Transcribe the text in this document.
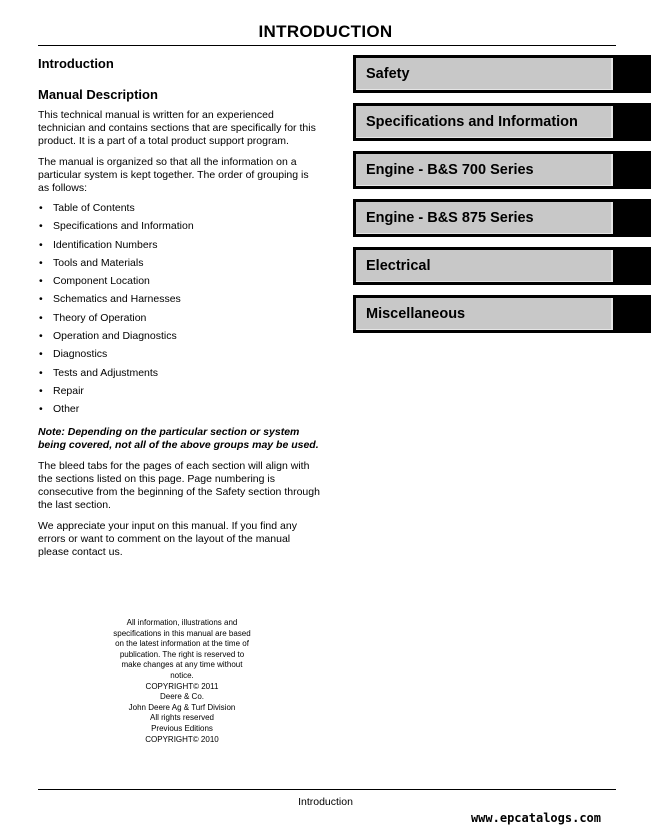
INTRODUCTION
Introduction
Manual Description

This technical manual is written for an experienced technician and contains sections that are specifically for this product. It is a part of a total product support program.

The manual is organized so that all the information on a particular system is kept together. The order of grouping is as follows:

• Table of Contents
• Specifications and Information
• Identification Numbers
• Tools and Materials
• Component Location
• Schematics and Harnesses
• Theory of Operation
• Operation and Diagnostics
• Diagnostics
• Tests and Adjustments
• Repair
• Other

Note: Depending on the particular section or system being covered, not all of the above groups may be used.

The bleed tabs for the pages of each section will align with the sections listed on this page. Page numbering is consecutive from the beginning of the Safety section through the last section.

We appreciate your input on this manual. If you find any errors or want to comment on the layout of the manual please contact us.

Safety
Specifications and Information
Engine - B&S 700 Series
Engine - B&S 875 Series
Electrical
Miscellaneous
All information, illustrations and
specifications in this manual are based
on the latest information at the time of
publication. The right is reserved to
make changes at any time without
notice.
COPYRIGHT© 2011
Deere & Co.
John Deere Ag & Turf Division
All rights reserved
Previous Editions
COPYRIGHT© 2010
Introduction
www.epcatalogs.com
